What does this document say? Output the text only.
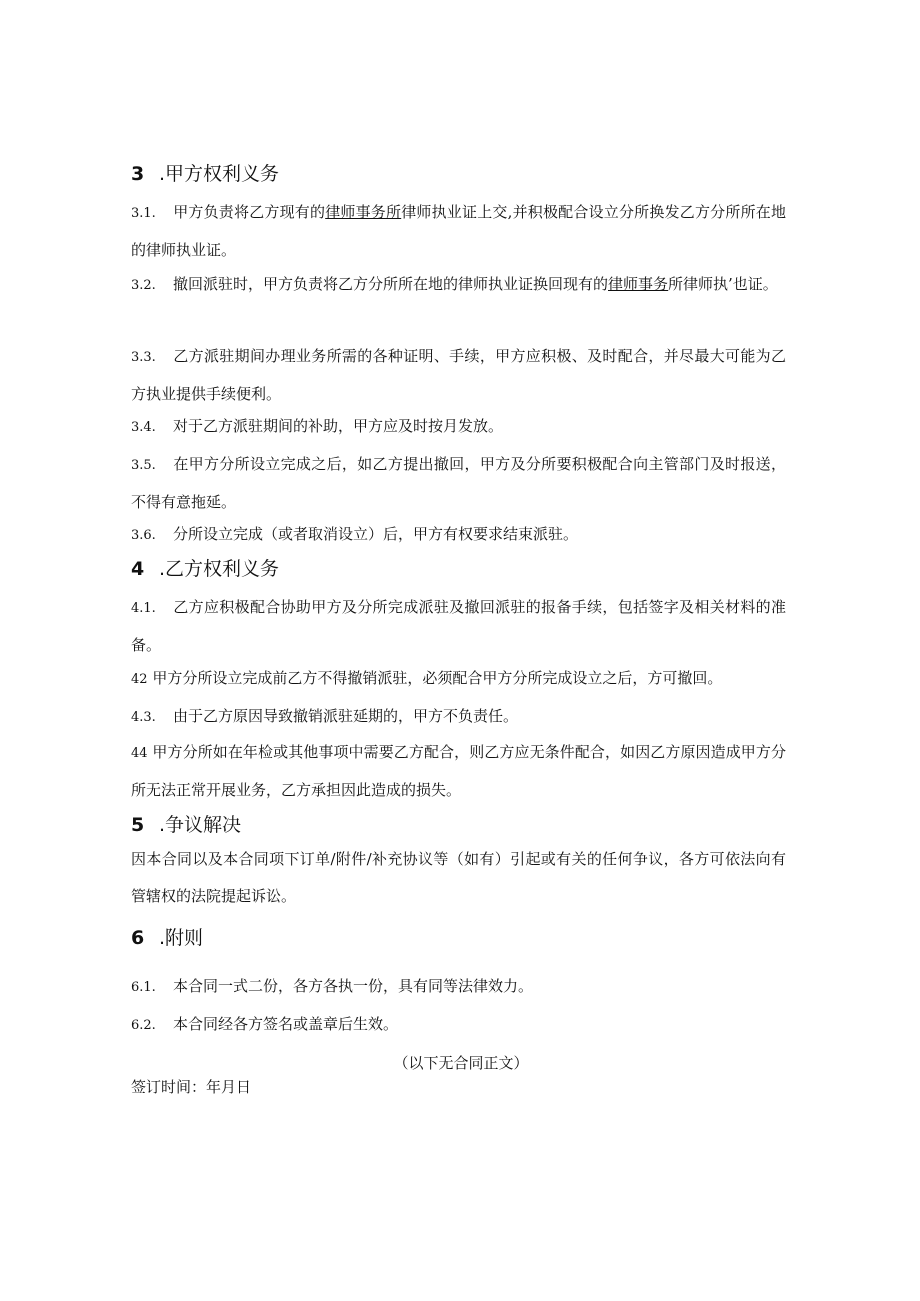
3 .甲方权利义务
3.1. 甲方负责将乙方现有的律师事务所律师执业证上交,并积极配合设立分所换发乙方分所所在地的律师执业证。
3.2. 撤回派驻时，甲方负责将乙方分所所在地的律师执业证换回现有的律师事务所律师执’也证。
3.3. 乙方派驻期间办理业务所需的各种证明、手续，甲方应积极、及时配合，并尽最大可能为乙方执业提供手续便利。
3.4. 对于乙方派驻期间的补助，甲方应及时按月发放。
3.5. 在甲方分所设立完成之后，如乙方提出撤回，甲方及分所要积极配合向主管部门及时报送，不得有意拖延。
3.6. 分所设立完成（或者取消设立）后，甲方有权要求结束派驻。
4 .乙方权利义务
4.1. 乙方应积极配合协助甲方及分所完成派驻及撤回派驻的报备手续，包括签字及相关材料的准备。
42 甲方分所设立完成前乙方不得撤销派驻，必须配合甲方分所完成设立之后，方可撤回。
4.3. 由于乙方原因导致撤销派驻延期的，甲方不负责任。
44 甲方分所如在年检或其他事项中需要乙方配合，则乙方应无条件配合，如因乙方原因造成甲方分所无法正常开展业务，乙方承担因此造成的损失。
5 .争议解决
因本合同以及本合同项下订单/附件/补充协议等（如有）引起或有关的任何争议，各方可依法向有管辖权的法院提起诉讼。
6 .附则
6.1. 本合同一式二份，各方各执一份，具有同等法律效力。
6.2. 本合同经各方签名或盖章后生效。
（以下无合同正文）
签订时间：年月日
